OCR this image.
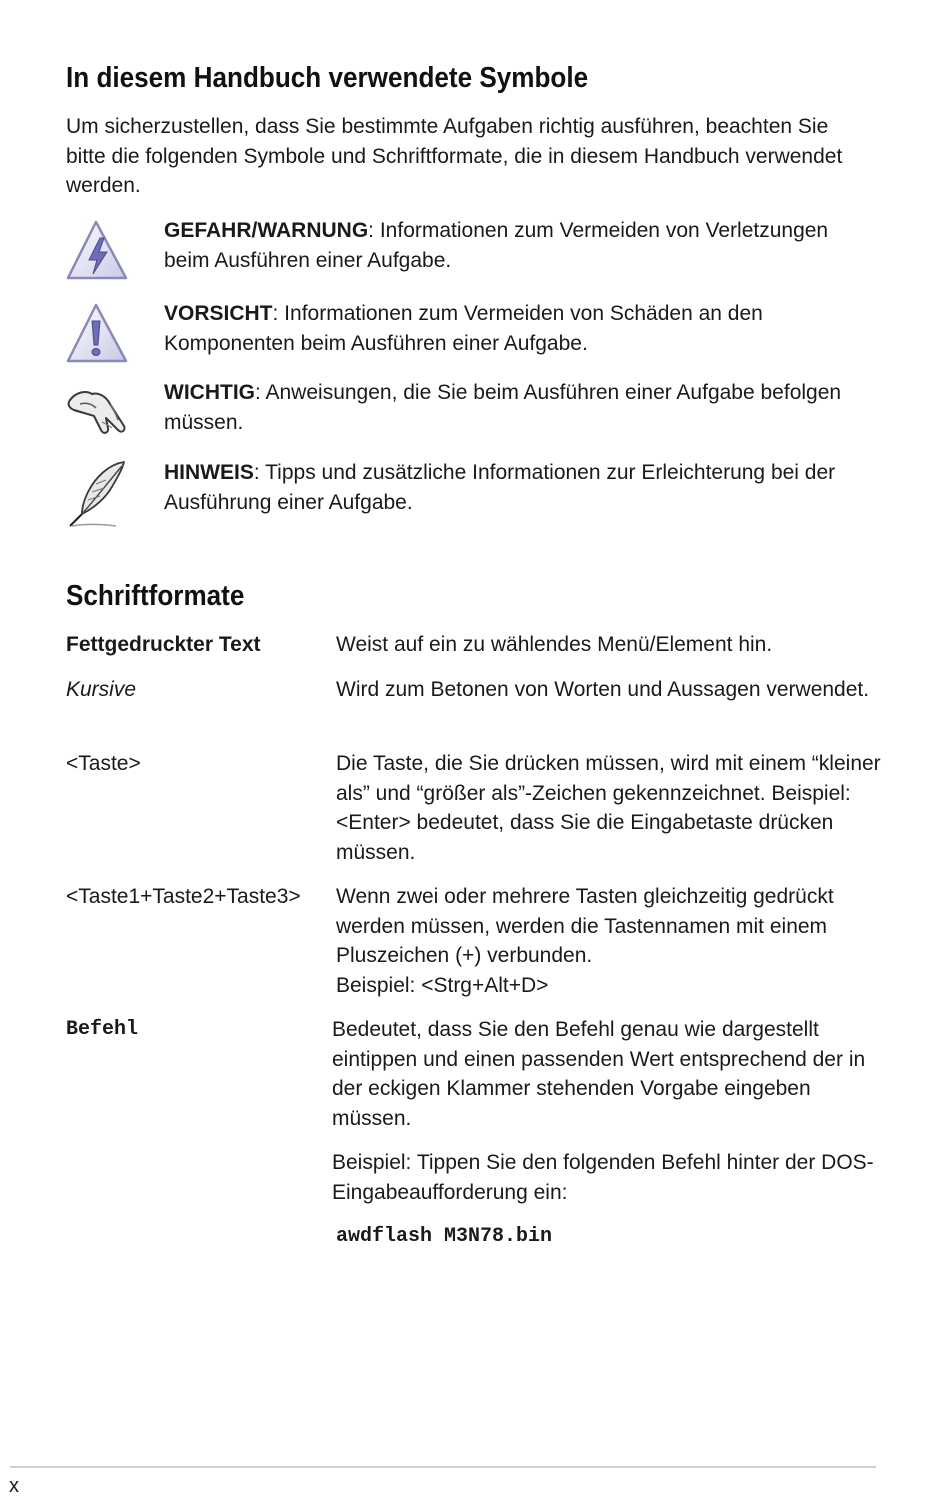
In diesem Handbuch verwendete Symbole
Um sicherzustellen, dass Sie bestimmte Aufgaben richtig ausführen, beachten Sie bitte die folgenden Symbole und Schriftformate, die in diesem Handbuch verwendet werden.
GEFAHR/WARNUNG: Informationen zum Vermeiden von Verletzungen beim Ausführen einer Aufgabe.
VORSICHT: Informationen zum Vermeiden von Schäden an den Komponenten beim Ausführen einer Aufgabe.
WICHTIG: Anweisungen, die Sie beim Ausführen einer Aufgabe befolgen müssen.
HINWEIS: Tipps und zusätzliche Informationen zur Erleichterung bei der Ausführung einer Aufgabe.
Schriftformate
Fettgedruckter Text	Weist auf ein zu wählendes Menü/Element hin.

Kursive	Wird zum Betonen von Worten und Aussagen verwendet.

<Taste>	Die Taste, die Sie drücken müssen, wird mit einem “kleiner als” und “größer als”-Zeichen gekennzeichnet. Beispiel: <Enter> bedeutet, dass Sie die Eingabetaste drücken müssen.

<Taste1+Taste2+Taste3> Wenn zwei oder mehrere Tasten gleichzeitig gedrückt werden müssen, werden die Tastennamen mit einem Pluszeichen (+) verbunden.

Beispiel: <Strg+Alt+D>

Befehl	Bedeutet, dass Sie den Befehl genau wie dargestellt eintippen und einen passenden Wert entsprechend der in der eckigen Klammer stehenden Vorgabe eingeben müssen.

Beispiel: Tippen Sie den folgenden Befehl hinter der DOS-Eingabeaufforderung ein:

awdflash M3N78.bin

x
